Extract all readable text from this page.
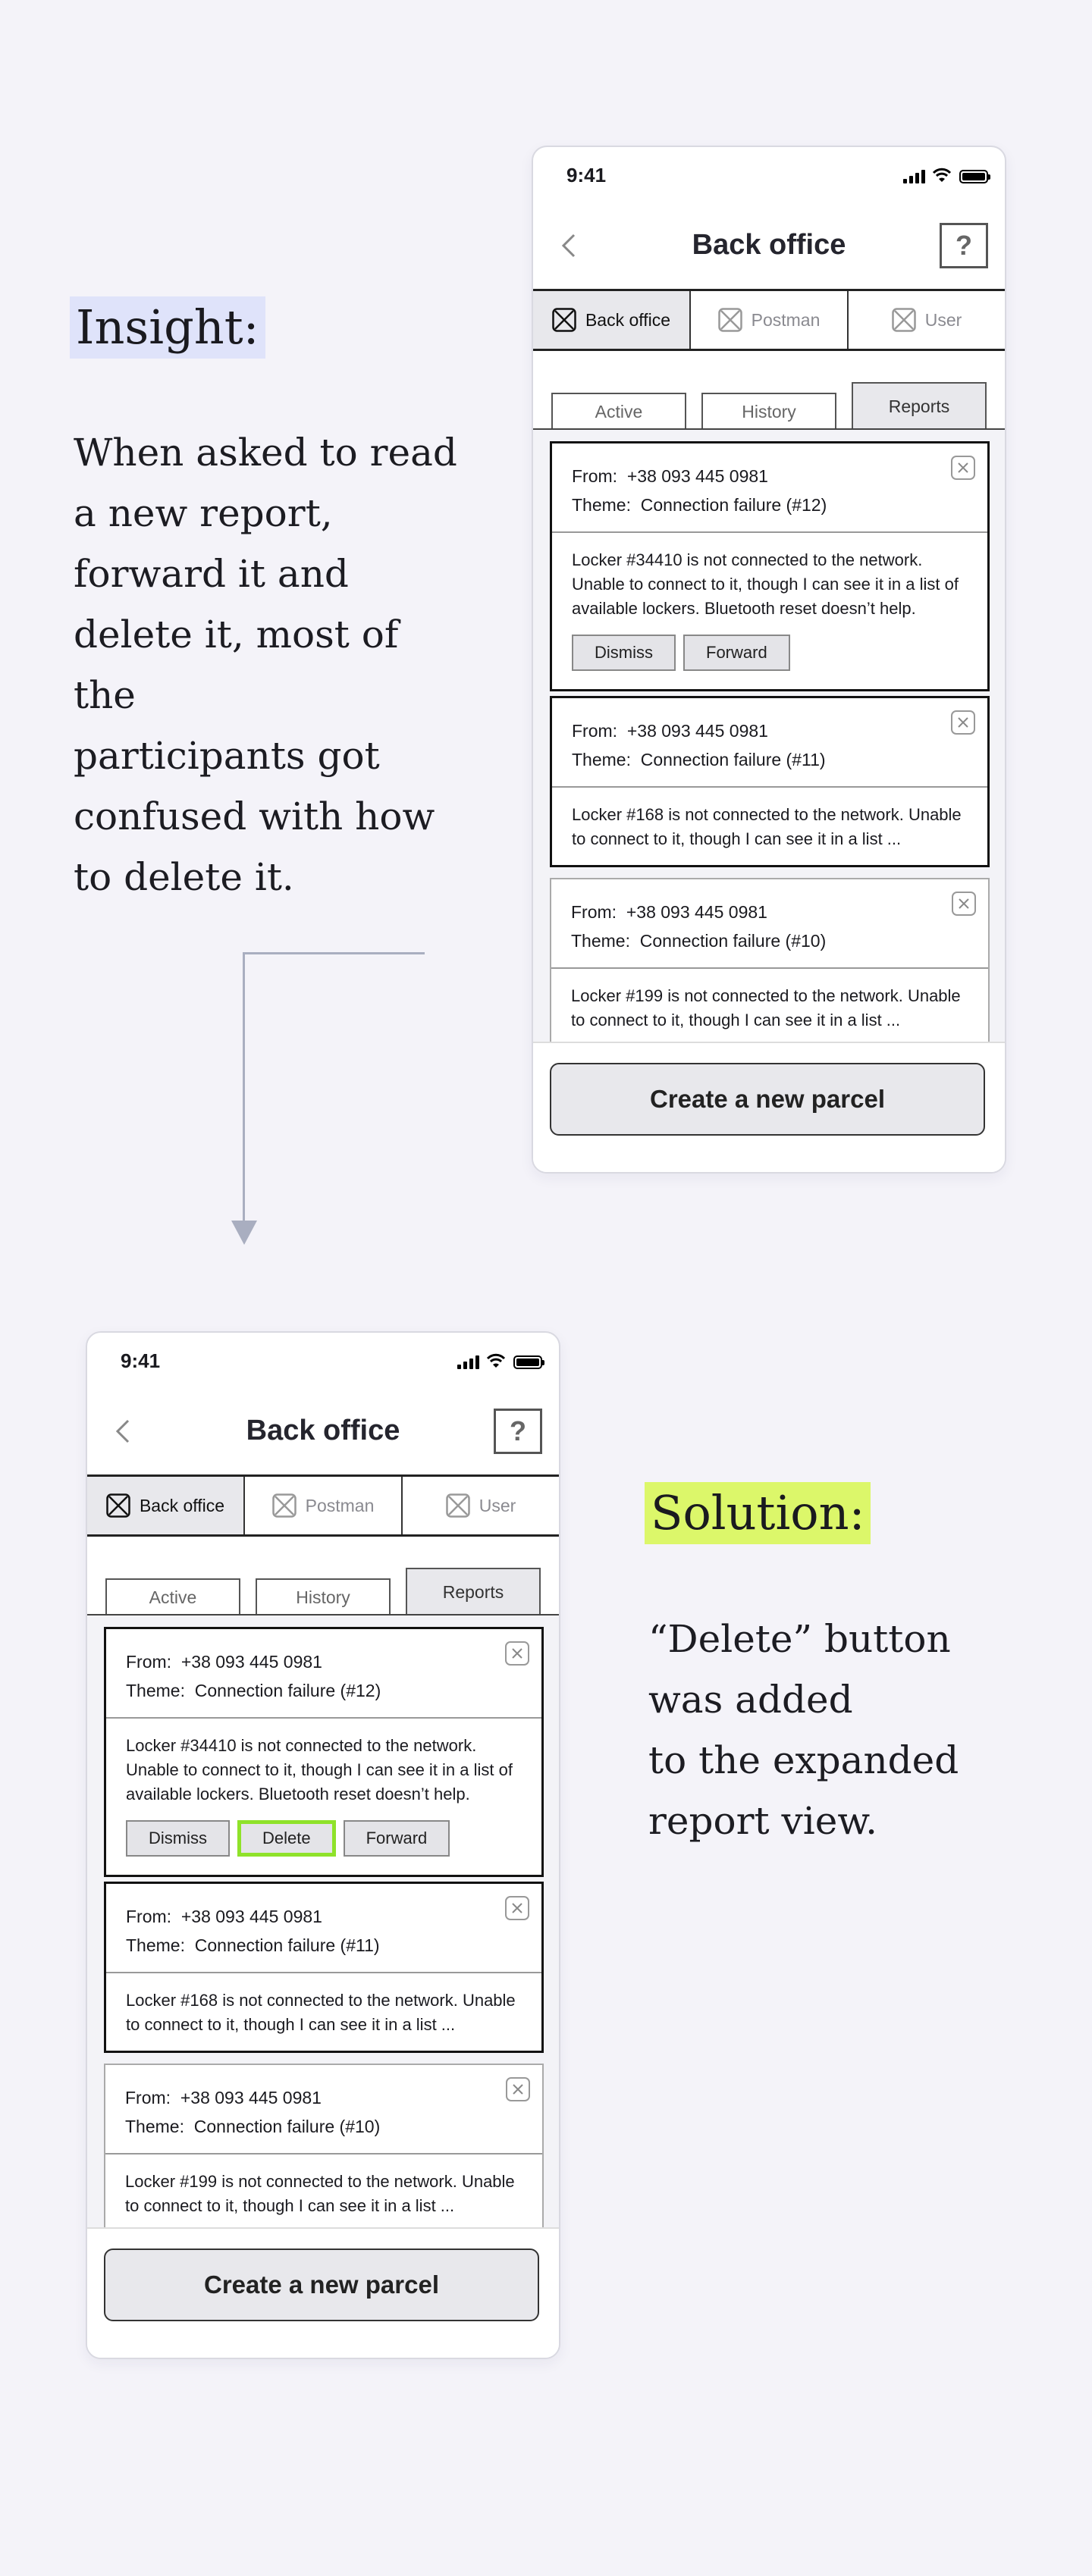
Insight:
When asked to read
a new report,
forward it and
delete it, most of the
participants got
confused with how
to delete it.
Solution:
“Delete” button
was added
to the expanded
report view.
9:41
Back office	?
Back office	Postman	User
Active	History	Reports
From: +38 093 445 0981
Theme: Connection failure (#12)
Locker #34410 is not connected to the network. Unable to connect to it, though I can see it in a list of available lockers. Bluetooth reset doesn’t help.
Dismiss	Forward
From: +38 093 445 0981
Theme: Connection failure (#11)
Locker #168 is not connected to the network. Unable to connect to it, though I can see it in a list ...
From: +38 093 445 0981
Theme: Connection failure (#10)
Locker #199 is not connected to the network. Unable to connect to it, though I can see it in a list ...
Create a new parcel
9:41
Back office	?
Back office	Postman	User
Active	History	Reports
From: +38 093 445 0981
Theme: Connection failure (#12)
Locker #34410 is not connected to the network. Unable to connect to it, though I can see it in a list of available lockers. Bluetooth reset doesn’t help.
Dismiss	Delete	Forward
From: +38 093 445 0981
Theme: Connection failure (#11)
Locker #168 is not connected to the network. Unable to connect to it, though I can see it in a list ...
From: +38 093 445 0981
Theme: Connection failure (#10)
Locker #199 is not connected to the network. Unable to connect to it, though I can see it in a list ...
Create a new parcel
